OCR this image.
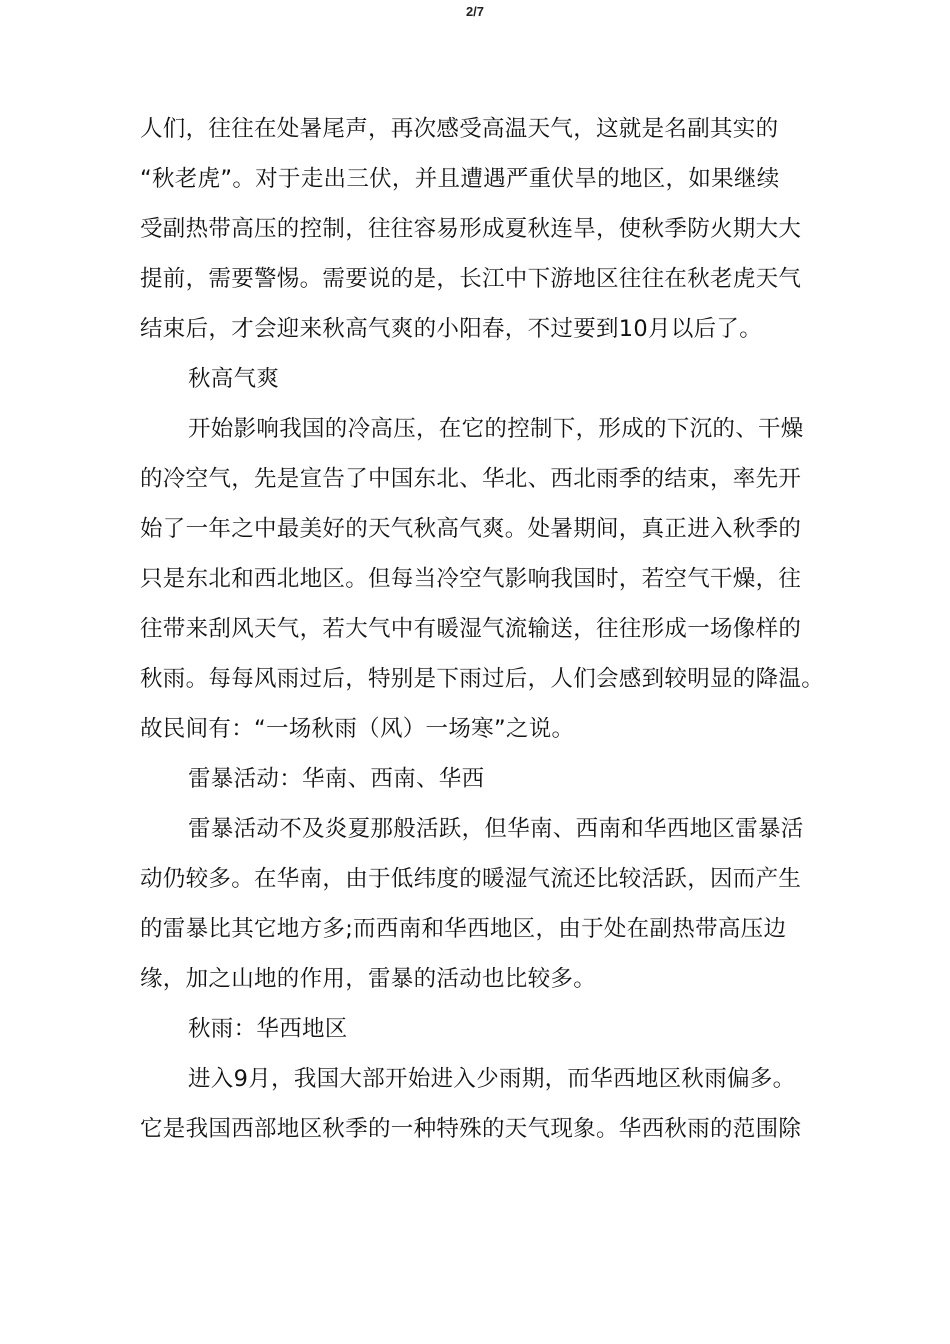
2/7
人们，往往在处暑尾声，再次感受高温天气，这就是名副其实的
“秋老虎”。对于走出三伏，并且遭遇严重伏旱的地区，如果继续
受副热带高压的控制，往往容易形成夏秋连旱，使秋季防火期大大
提前，需要警惕。需要说的是，长江中下游地区往往在秋老虎天气
结束后，才会迎来秋高气爽的小阳春，不过要到10月以后了。
秋高气爽
开始影响我国的冷高压，在它的控制下，形成的下沉的、干燥
的冷空气，先是宣告了中国东北、华北、西北雨季的结束，率先开
始了一年之中最美好的天气秋高气爽。处暑期间，真正进入秋季的
只是东北和西北地区。但每当冷空气影响我国时，若空气干燥，往
往带来刮风天气，若大气中有暖湿气流输送，往往形成一场像样的
秋雨。每每风雨过后，特别是下雨过后，人们会感到较明显的降温。
故民间有：“一场秋雨（风）一场寒”之说。
雷暴活动：华南、西南、华西
雷暴活动不及炎夏那般活跃，但华南、西南和华西地区雷暴活
动仍较多。在华南，由于低纬度的暖湿气流还比较活跃，因而产生
的雷暴比其它地方多;而西南和华西地区，由于处在副热带高压边
缘，加之山地的作用，雷暴的活动也比较多。
秋雨：华西地区
进入9月，我国大部开始进入少雨期，而华西地区秋雨偏多。
它是我国西部地区秋季的一种特殊的天气现象。华西秋雨的范围除
